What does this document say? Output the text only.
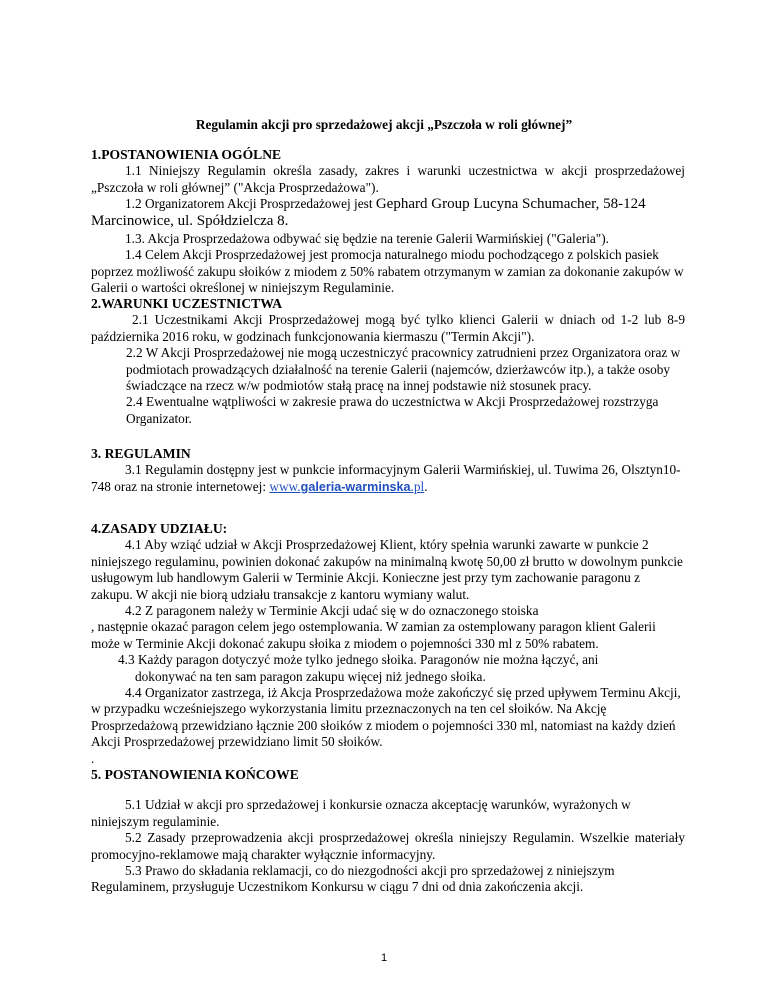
Regulamin akcji pro sprzedażowej akcji „Pszczoła w roli głównej”

1.POSTANOWIENIA OGÓLNE

1.1 Niniejszy Regulamin określa zasady, zakres i warunki uczestnictwa w akcji prosprzedażowej „Pszczoła w roli głównej” ("Akcja Prosprzedażowa").

1.2 Organizatorem Akcji Prosprzedażowej jest Gephard Group Lucyna Schumacher, 58-124 Marcinowice, ul. Spółdzielcza 8.

1.3. Akcja Prosprzedażowa odbywać się będzie na terenie Galerii Warmińskiej ("Galeria").

1.4 Celem Akcji Prosprzedażowej jest promocja naturalnego miodu pochodzącego z polskich pasiek poprzez możliwość zakupu słoików z miodem z 50% rabatem otrzymanym w zamian za dokonanie zakupów w Galerii o wartości określonej w niniejszym Regulaminie.

2.WARUNKI UCZESTNICTWA

2.1 Uczestnikami Akcji Prosprzedażowej mogą być tylko klienci Galerii w dniach od 1-2 lub 8-9 października 2016 roku, w godzinach funkcjonowania kiermaszu ("Termin Akcji").

2.2 W Akcji Prosprzedażowej nie mogą uczestniczyć pracownicy zatrudnieni przez Organizatora oraz w podmiotach prowadzących działalność na terenie Galerii (najemców, dzierżawców itp.), a także osoby świadczące na rzecz w/w podmiotów stałą pracę na innej podstawie niż stosunek pracy.

2.4 Ewentualne wątpliwości w zakresie prawa do uczestnictwa w Akcji Prosprzedażowej rozstrzyga Organizator.

3. REGULAMIN

3.1 Regulamin dostępny jest w punkcie informacyjnym Galerii Warmińskiej, ul. Tuwima 26, Olsztyn10-748 oraz na stronie internetowej: www.galeria-warminska.pl.

4.ZASADY UDZIAŁU:

4.1 Aby wziąć udział w Akcji Prosprzedażowej Klient, który spełnia warunki zawarte w punkcie 2 niniejszego regulaminu, powinien dokonać zakupów na minimalną kwotę 50,00 zł brutto w dowolnym punkcie usługowym lub handlowym Galerii w Terminie Akcji. Konieczne jest przy tym zachowanie paragonu z zakupu. W akcji nie biorą udziału transakcje z kantoru wymiany walut.

4.2 Z paragonem należy w Terminie Akcji udać się w do oznaczonego stoiska

, następnie okazać paragon celem jego ostemplowania. W zamian za ostemplowany paragon klient Galerii może w Terminie Akcji dokonać zakupu słoika z miodem o pojemności 330 ml z 50% rabatem.

4.3 Każdy paragon dotyczyć może tylko jednego słoika. Paragonów nie można łączyć, ani

dokonywać na ten sam paragon zakupu więcej niż jednego słoika.

4.4 Organizator zastrzega, iż Akcja Prosprzedażowa może zakończyć się przed upływem Terminu Akcji, w przypadku wcześniejszego wykorzystania limitu przeznaczonych na ten cel słoików. Na Akcję Prosprzedażową przewidziano łącznie 200 słoików z miodem o pojemności 330 ml, natomiast na każdy dzień Akcji Prosprzedażowej przewidziano limit 50 słoików.

.

5. POSTANOWIENIA KOŃCOWE

5.1 Udział w akcji pro sprzedażowej i konkursie oznacza akceptację warunków, wyrażonych w niniejszym regulaminie.

5.2 Zasady przeprowadzenia akcji prosprzedażowej określa niniejszy Regulamin. Wszelkie materiały promocyjno-reklamowe mają charakter wyłącznie informacyjny.

5.3 Prawo do składania reklamacji, co do niezgodności akcji pro sprzedażowej z niniejszym Regulaminem, przysługuje Uczestnikom Konkursu w ciągu 7 dni od dnia zakończenia akcji.

1
